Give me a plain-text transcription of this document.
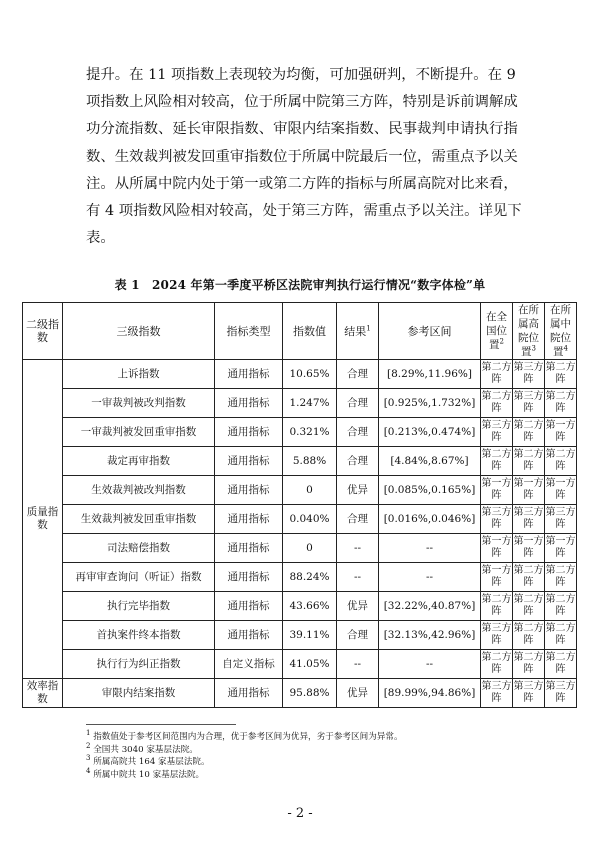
提升。在 11 项指数上表现较为均衡，可加强研判，不断提升。在 9
项指数上风险相对较高，位于所属中院第三方阵，特别是诉前调解成
功分流指数、延长审限指数、审限内结案指数、民事裁判申请执行指
数、生效裁判被发回重审指数位于所属中院最后一位，需重点予以关
注。从所属中院内处于第一或第二方阵的指标与所属高院对比来看，
有 4 项指数风险相对较高，处于第三方阵，需重点予以关注。详见下
表。
表 1　2024 年第一季度平桥区法院审判执行运行情况“数字体检”单
二级指数	三级指数	指标类型	指数值	结果$^1$	参考区间	在全国位置$^2$	在所属高院位置$^3$	在所属中院位置$^4$
质量指数	上诉指数	通用指标	10.65%	合理	[8.29%,11.96%]	第二方阵	第三方阵	第二方阵
	一审裁判被改判指数	通用指标	1.247%	合理	[0.925%,1.732%]	第二方阵	第三方阵	第二方阵
	一审裁判被发回重审指数	通用指标	0.321%	合理	[0.213%,0.474%]	第三方阵	第二方阵	第一方阵
	裁定再审指数	通用指标	5.88%	合理	[4.84%,8.67%]	第二方阵	第二方阵	第二方阵
	生效裁判被改判指数	通用指标	0	优异	[0.085%,0.165%]	第一方阵	第一方阵	第一方阵
	生效裁判被发回重审指数	通用指标	0.040%	合理	[0.016%,0.046%]	第三方阵	第三方阵	第三方阵
	司法赔偿指数	通用指标	0	--	--	第一方阵	第一方阵	第一方阵
	再审审查询问（听证）指数	通用指标	88.24%	--	--	第一方阵	第二方阵	第二方阵
	执行完毕指数	通用指标	43.66%	优异	[32.22%,40.87%]	第二方阵	第二方阵	第二方阵
	首执案件终本指数	通用指标	39.11%	合理	[32.13%,42.96%]	第三方阵	第二方阵	第二方阵
	执行行为纠正指数	自定义指标	41.05%	--	--	第二方阵	第二方阵	第二方阵
效率指数	审限内结案指数	通用指标	95.88%	优异	[89.99%,94.86%]	第三方阵	第三方阵	第三方阵
$^1$ 指数值处于参考区间范围内为合理，优于参考区间为优异，劣于参考区间为异常。
$^2$ 全国共 3040 家基层法院。
$^3$ 所属高院共 164 家基层法院。
$^4$ 所属中院共 10 家基层法院。
- 2 -
